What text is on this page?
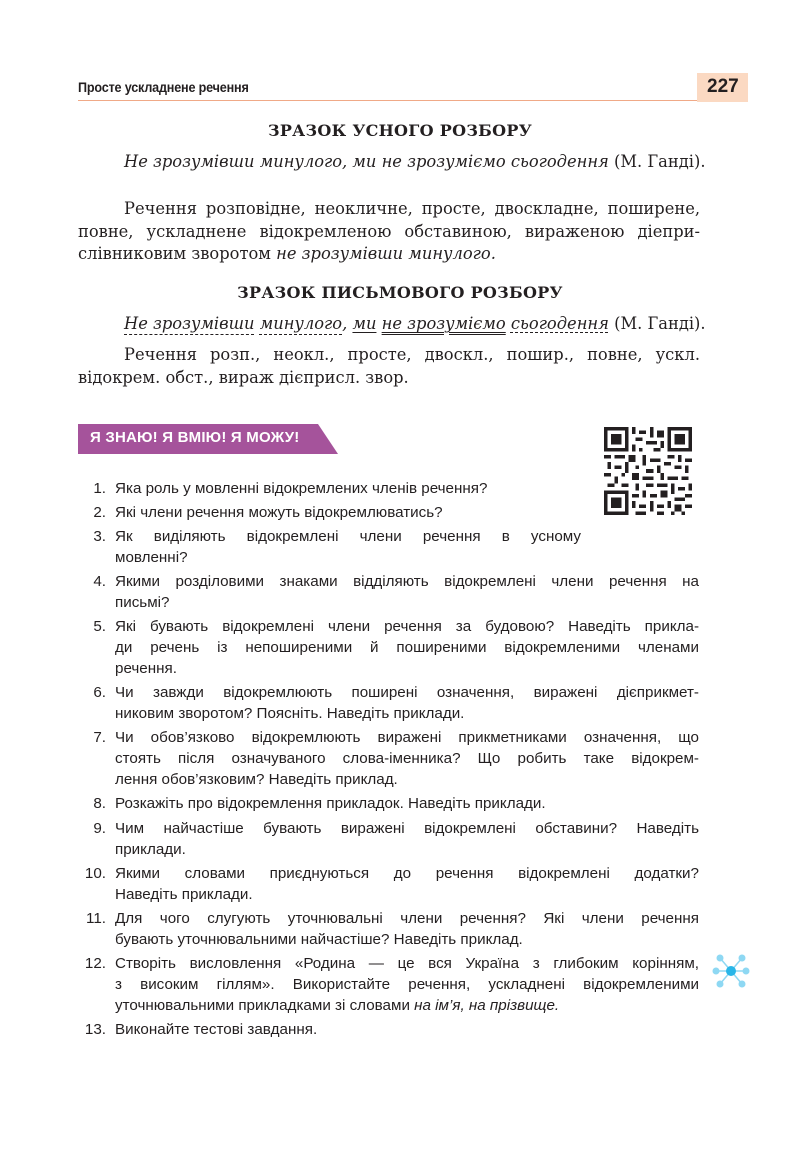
Просте ускладнене речення	227
ЗРАЗОК УСНОГО РОЗБОРУ
Не зрозумівши минулого, ми не зрозуміємо сьогодення (М. Ганді).
Речення розповідне, неокличне, просте, двоскладне, поширене,
повне, ускладнене відокремленою обставиною, вираженою діепри-
слівниковим зворотом не зрозумівши минулого.
ЗРАЗОК ПИСЬМОВОГО РОЗБОРУ
Не зрозумівши минулого, ми не зрозуміємо сьогодення (М. Ганді).
Речення розп., неокл., просте, двоскл., пошир., повне, ускл.
відокрем. обст., вираж дієприсл. звор.
Я ЗНАЮ! Я ВМІЮ! Я МОЖУ!
1. Яка роль у мовленні відокремлених членів речення?
2. Які члени речення можуть відокремлюватись?
3. Як виділяють відокремлені члени речення в усному
мовленні?
4. Якими розділовими знаками відділяють відокремлені члени речення на
письмі?
5. Які бувають відокремлені члени речення за будовою? Наведіть прикла-
ди речень із непоширеними й поширеними відокремленими членами
речення.
6. Чи завжди відокремлюють поширені означення, виражені дієприкмет-
никовим зворотом? Поясніть. Наведіть приклади.
7. Чи обов’язково відокремлюють виражені прикметниками означення, що
стоять після означуваного слова-іменника? Що робить таке відокрем-
лення обов’язковим? Наведіть приклад.
8. Розкажіть про відокремлення прикладок. Наведіть приклади.
9. Чим найчастіше бувають виражені відокремлені обставини? Наведіть
приклади.
10. Якими словами приєднуються до речення відокремлені додатки?
Наведіть приклади.
11. Для чого слугують уточнювальні члени речення? Які члени речення
бувають уточнювальними найчастіше? Наведіть приклад.
12. Створіть висловлення «Родина — це вся Україна з глибоким корінням,
з високим гіллям». Використайте речення, ускладнені відокремленими
уточнювальними прикладками зі словами на ім’я, на прізвище.
13. Виконайте тестові завдання.
